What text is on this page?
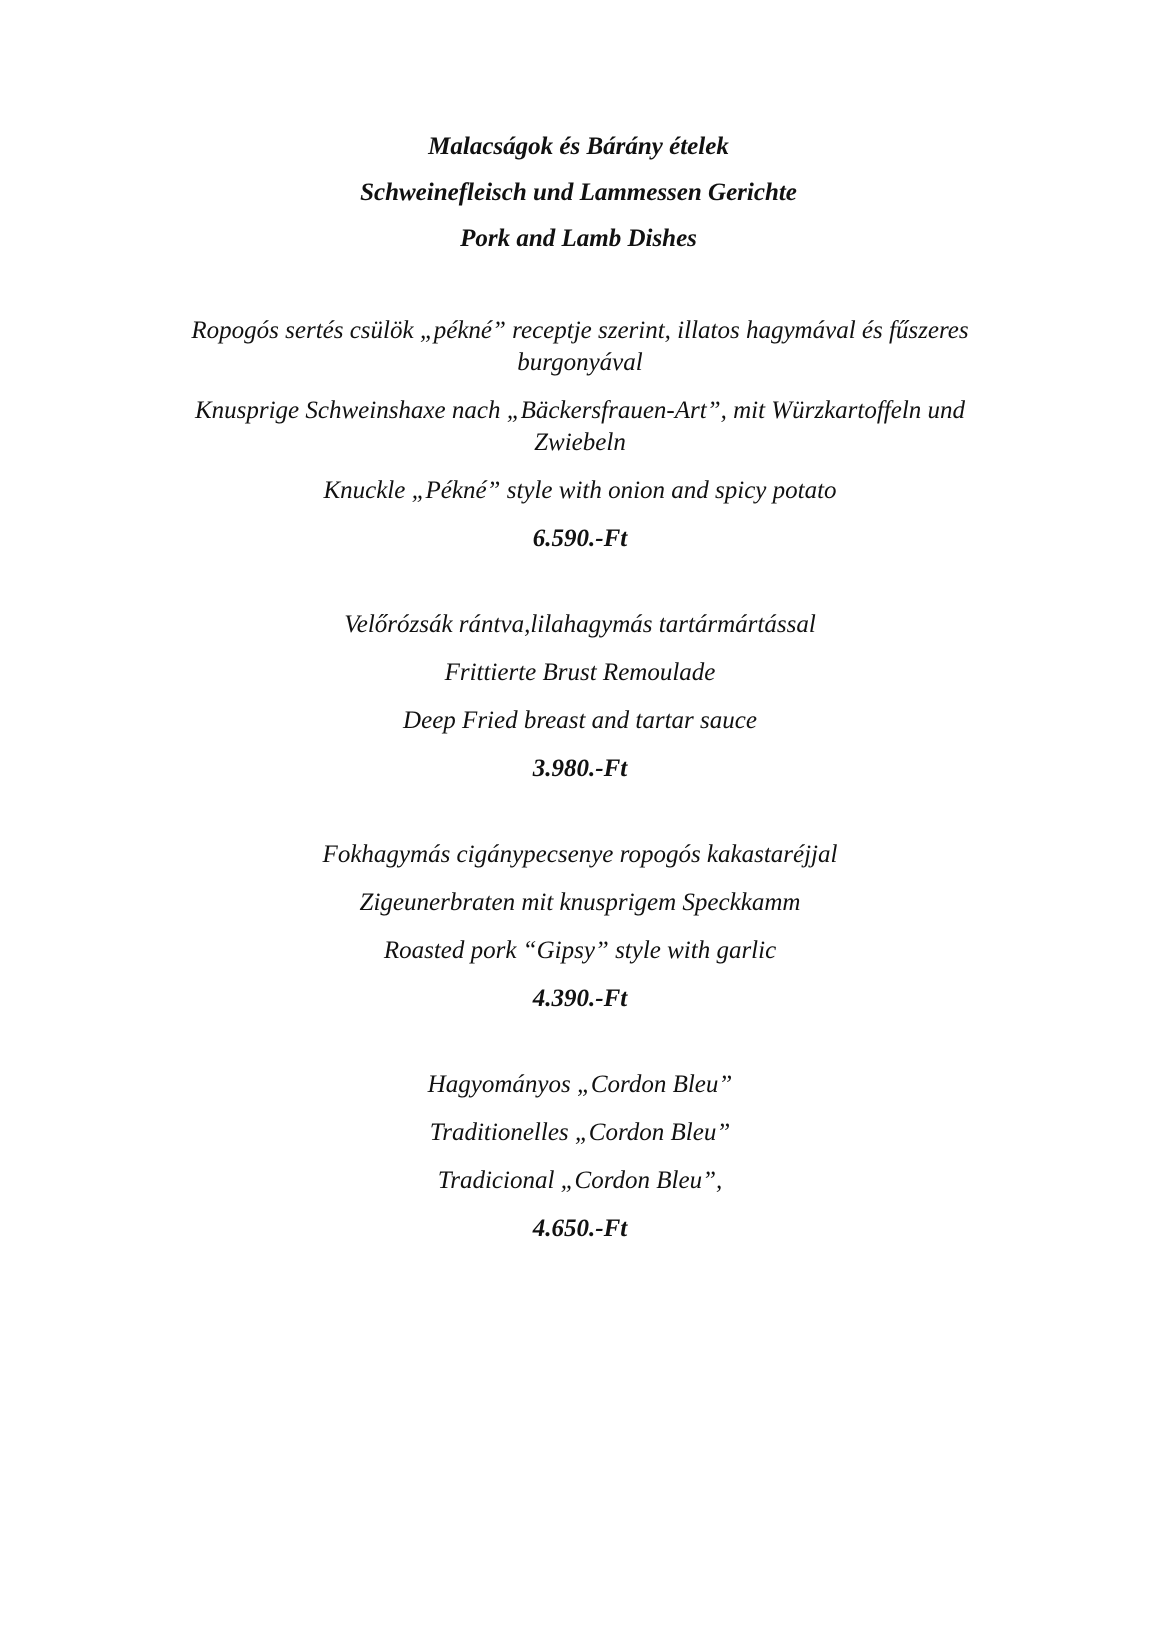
Malacságok és Bárány ételek
Schweinefleisch und Lammessen Gerichte
Pork and Lamb Dishes
Ropogós sertés csülök „pékné” receptje szerint, illatos hagymával és fűszeres burgonyával
Knusprige Schweinshaxe nach „Bäckersfrauen-Art”, mit Würzkartoffeln und Zwiebeln
Knuckle „Pékné” style with onion and spicy potato
6.590.-Ft
Velőrózsák rántva,lilahagymás tartármártással
Frittierte Brust Remoulade
Deep Fried breast and tartar sauce
3.980.-Ft
Fokhagymás cigánypecsenye ropogós kakastaréjjal
Zigeunerbraten mit knusprigem Speckkamm
Roasted pork “Gipsy” style with garlic
4.390.-Ft
Hagyományos „Cordon Bleu”
Traditionelles „Cordon Bleu”
Tradicional „Cordon Bleu”,
4.650.-Ft
